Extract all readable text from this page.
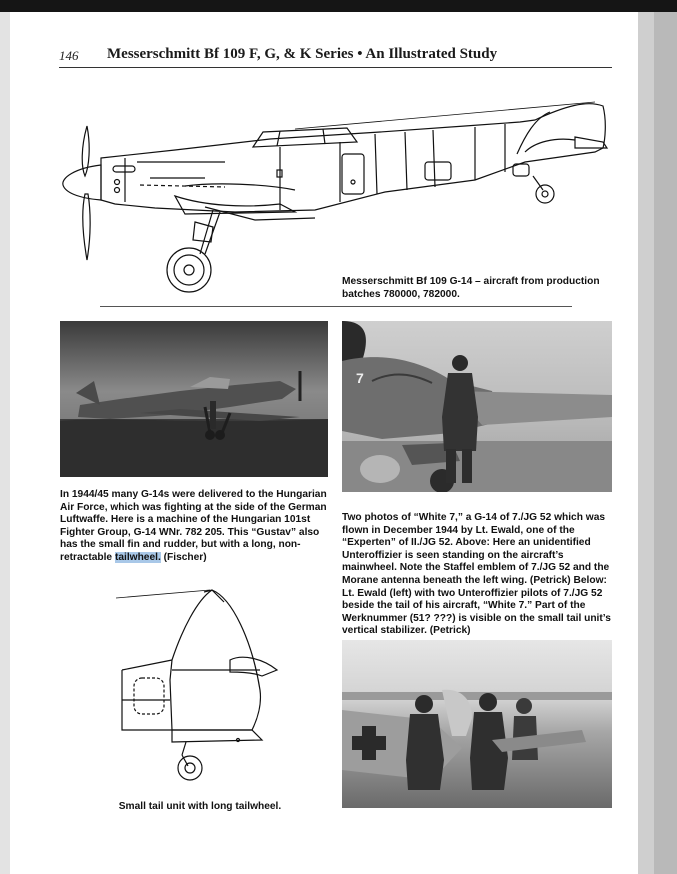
146 Messerschmitt Bf 109 F, G, & K Series • An Illustrated Study
Messerschmitt Bf 109 G-14 – aircraft from production batches 780000, 782000.
7
In 1944/45 many G-14s were delivered to the Hungarian Air Force, which was fighting at the side of the German Luftwaffe. Here is a machine of the Hungarian 101st Fighter Group, G-14 WNr. 782 205. This “Gustav” also has the small fin and rudder, but with a long, non-retractable tailwheel. (Fischer)
Two photos of “White 7,” a G-14 of 7./JG 52 which was flown in December 1944 by Lt. Ewald, one of the “Experten” of II./JG 52. Above: Here an unidentified Unteroffizier is seen standing on the aircraft’s mainwheel. Note the Staffel emblem of 7./JG 52 and the Morane antenna beneath the left wing. (Petrick) Below: Lt. Ewald (left) with two Unteroffizier pilots of 7./JG 52 beside the tail of his aircraft, “White 7.” Part of the Werknummer (51? ???) is visible on the small tail unit’s vertical stabilizer. (Petrick)
Small tail unit with long tailwheel.
